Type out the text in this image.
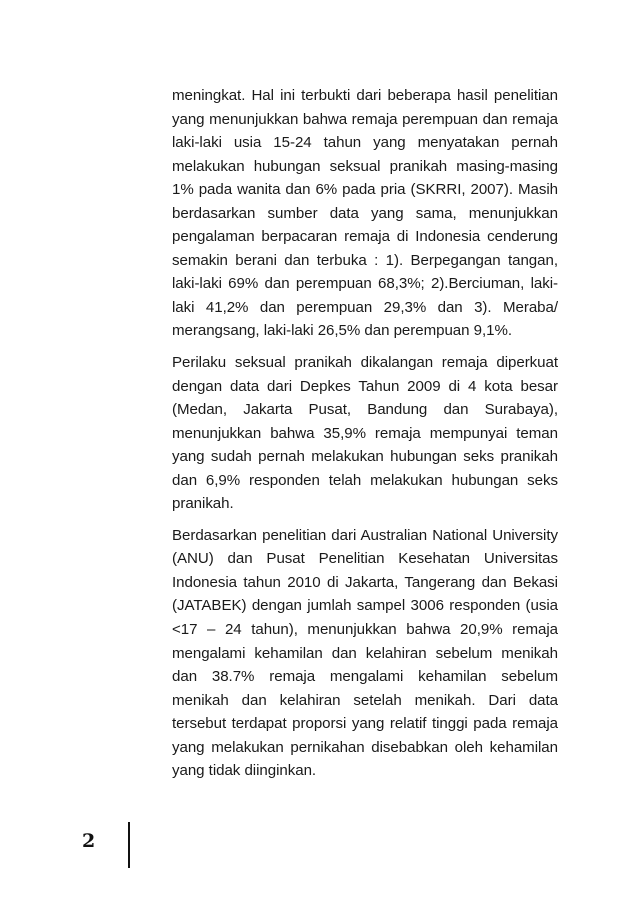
meningkat. Hal ini terbukti dari beberapa hasil penelitian yang menunjukkan bahwa remaja perempuan dan remaja laki-laki usia 15-24 tahun yang menyatakan pernah melakukan hubungan seksual pranikah masing-masing 1% pada wanita dan 6% pada pria (SKRRI, 2007). Masih berdasarkan sumber data yang sama, menunjukkan pengalaman berpacaran remaja di Indonesia cenderung semakin berani dan terbuka : 1). Berpegangan tangan, laki-laki 69% dan perempuan 68,3%; 2).Berciuman, laki-laki 41,2% dan perempuan 29,3% dan 3). Meraba/ merangsang, laki-laki 26,5% dan perempuan 9,1%.

Perilaku seksual pranikah dikalangan remaja diperkuat dengan data dari Depkes Tahun 2009 di 4 kota besar (Medan, Jakarta Pusat, Bandung dan Surabaya), menunjukkan bahwa 35,9% remaja mempunyai teman yang sudah pernah melakukan hubungan seks pranikah dan 6,9% responden telah melakukan hubungan seks pranikah.

Berdasarkan penelitian dari Australian National University (ANU) dan Pusat Penelitian Kesehatan Universitas Indonesia tahun 2010 di Jakarta, Tangerang dan Bekasi (JATABEK) dengan jumlah sampel 3006 responden (usia <17 – 24 tahun), menunjukkan bahwa 20,9% remaja mengalami kehamilan dan kelahiran sebelum menikah dan 38.7% remaja mengalami kehamilan sebelum menikah dan kelahiran setelah menikah. Dari data tersebut terdapat proporsi yang relatif tinggi pada remaja yang melakukan pernikahan disebabkan oleh kehamilan yang tidak diinginkan.

2
